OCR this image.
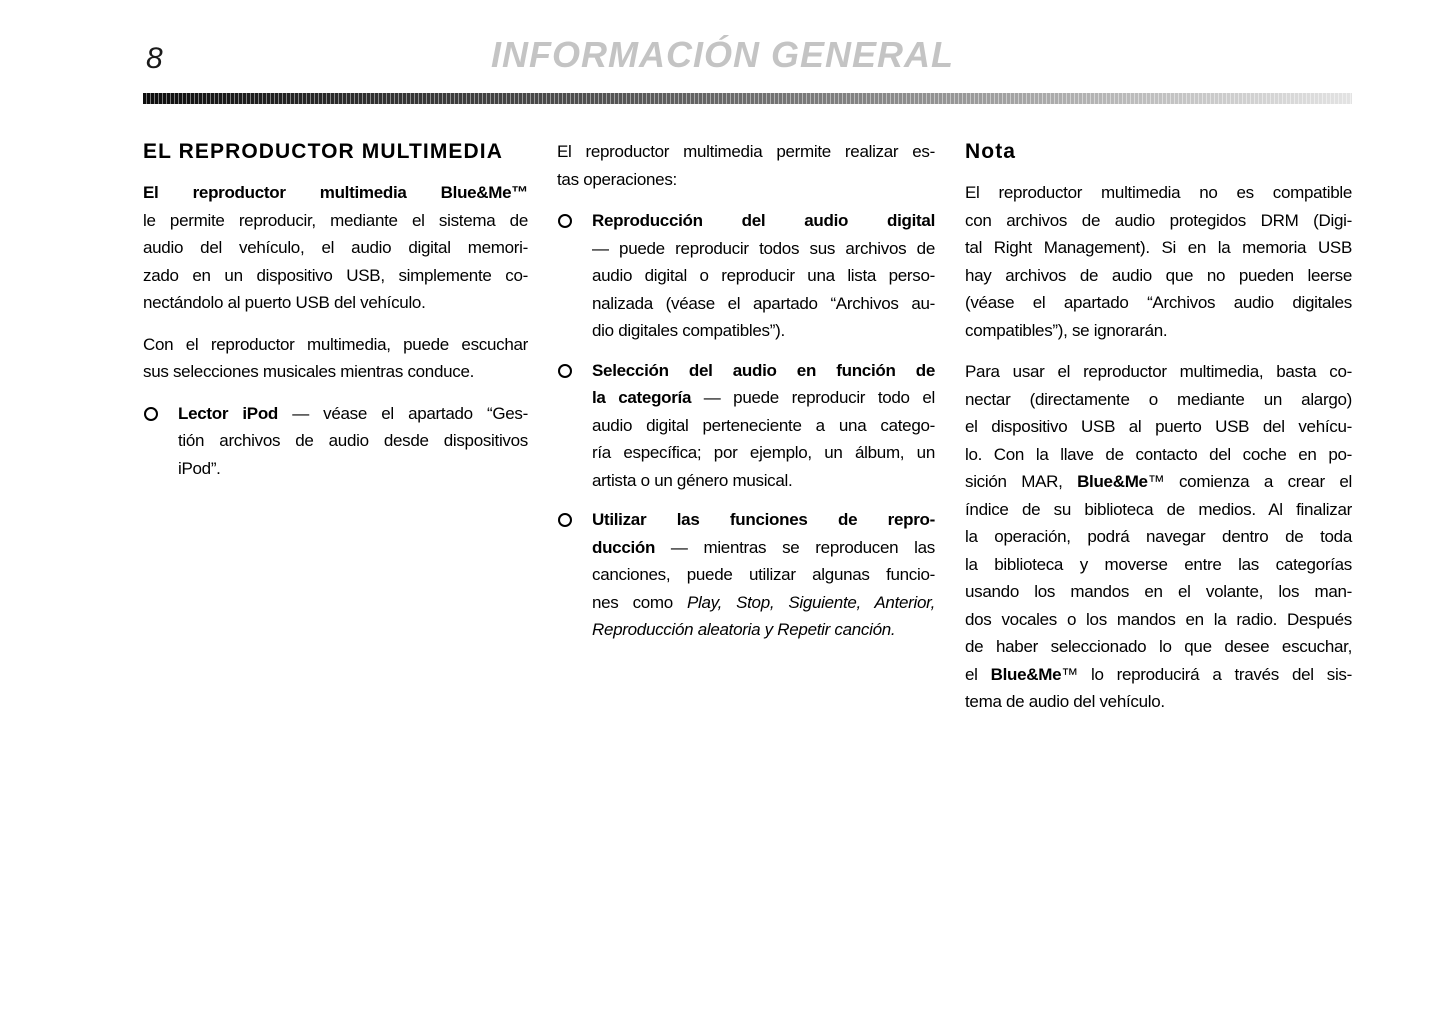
8	INFORMACIÓN GENERAL
EL REPRODUCTOR MULTIMEDIA
El reproductor multimedia Blue&Me™
le permite reproducir, mediante el sistema de
audio del vehículo, el audio digital memori-
zado en un dispositivo USB, simplemente co-
nectándolo al puerto USB del vehículo.
Con el reproductor multimedia, puede escuchar
sus selecciones musicales mientras conduce.
Lector iPod — véase el apartado “Ges-
tión archivos de audio desde dispositivos
iPod”.
El reproductor multimedia permite realizar es-
tas operaciones:
Reproducción del audio digital
— puede reproducir todos sus archivos de
audio digital o reproducir una lista perso-
nalizada (véase el apartado “Archivos au-
dio digitales compatibles”).
Selección del audio en función de
la categoría — puede reproducir todo el
audio digital perteneciente a una catego-
ría específica; por ejemplo, un álbum, un
artista o un género musical.
Utilizar las funciones de repro-
ducción — mientras se reproducen las
canciones, puede utilizar algunas funcio-
nes como Play, Stop, Siguiente, Anterior,
Reproducción aleatoria y Repetir canción.
Nota
El reproductor multimedia no es compatible
con archivos de audio protegidos DRM (Digi-
tal Right Management). Si en la memoria USB
hay archivos de audio que no pueden leerse
(véase el apartado “Archivos audio digitales
compatibles”), se ignorarán.
Para usar el reproductor multimedia, basta co-
nectar (directamente o mediante un alargo)
el dispositivo USB al puerto USB del vehícu-
lo. Con la llave de contacto del coche en po-
sición MAR, Blue&Me™ comienza a crear el
índice de su biblioteca de medios. Al finalizar
la operación, podrá navegar dentro de toda
la biblioteca y moverse entre las categorías
usando los mandos en el volante, los man-
dos vocales o los mandos en la radio. Después
de haber seleccionado lo que desee escuchar,
el Blue&Me™ lo reproducirá a través del sis-
tema de audio del vehículo.
